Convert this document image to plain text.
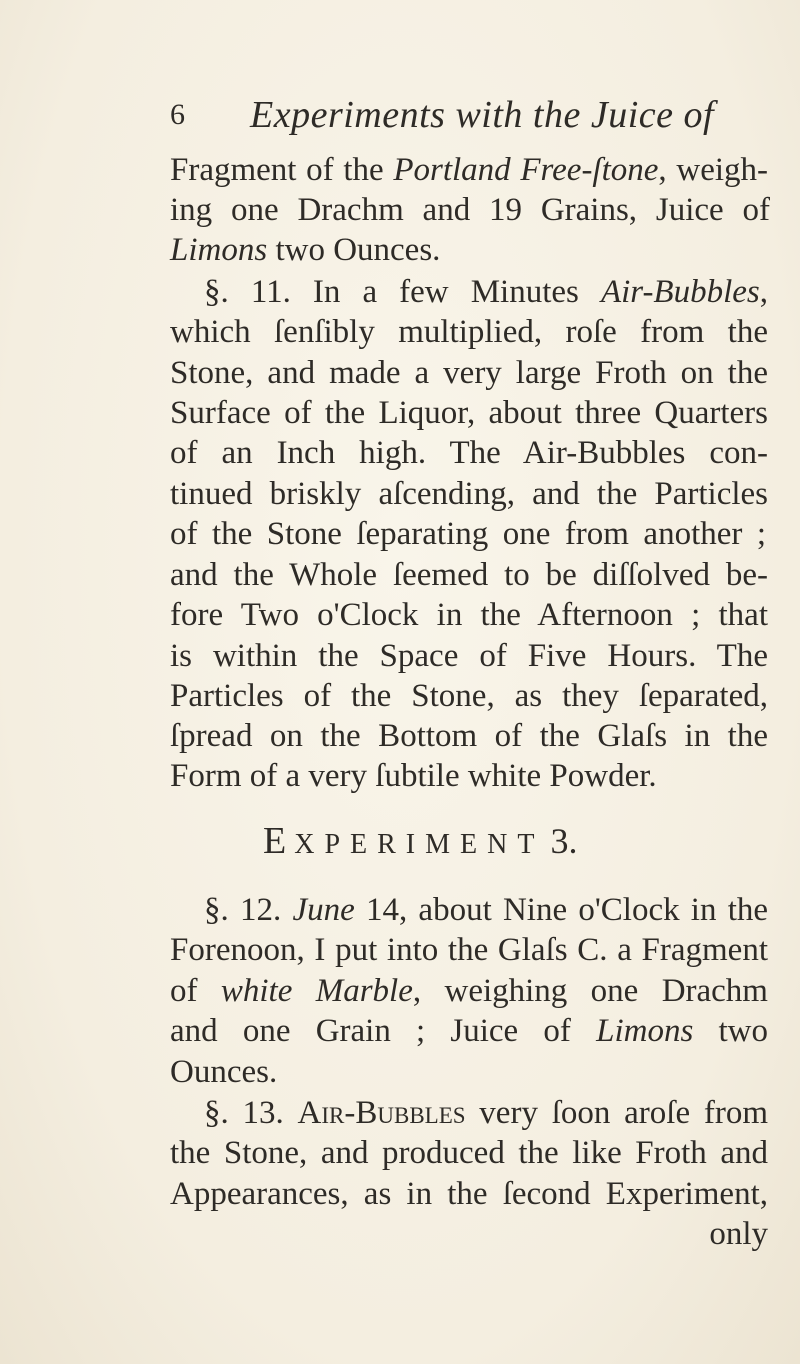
6 Experiments with the Juice of
Fragment of the Portland Free-ſtone, weigh-
ing one Drachm and 19 Grains, Juice of
Limons two Ounces.
§. 11. In a few Minutes Air-Bubbles,
which ſenſibly multiplied, roſe from the
Stone, and made a very large Froth on the
Surface of the Liquor, about three Quarters
of an Inch high. The Air-Bubbles con-
tinued briskly aſcending, and the Particles
of the Stone ſeparating one from another ;
and the Whole ſeemed to be diſſolved be-
fore Two o'Clock in the Afternoon ; that
is within the Space of Five Hours. The
Particles of the Stone, as they ſeparated,
ſpread on the Bottom of the Glaſs in the
Form of a very ſubtile white Powder.
EXPERIMENT 3.
§. 12. June 14, about Nine o'Clock in the
Forenoon, I put into the Glaſs C. a Fragment
of white Marble, weighing one Drachm
and one Grain ; Juice of Limons two
Ounces.
§. 13. Air-Bubbles very ſoon aroſe from
the Stone, and produced the like Froth and
Appearances, as in the ſecond Experiment,
only
